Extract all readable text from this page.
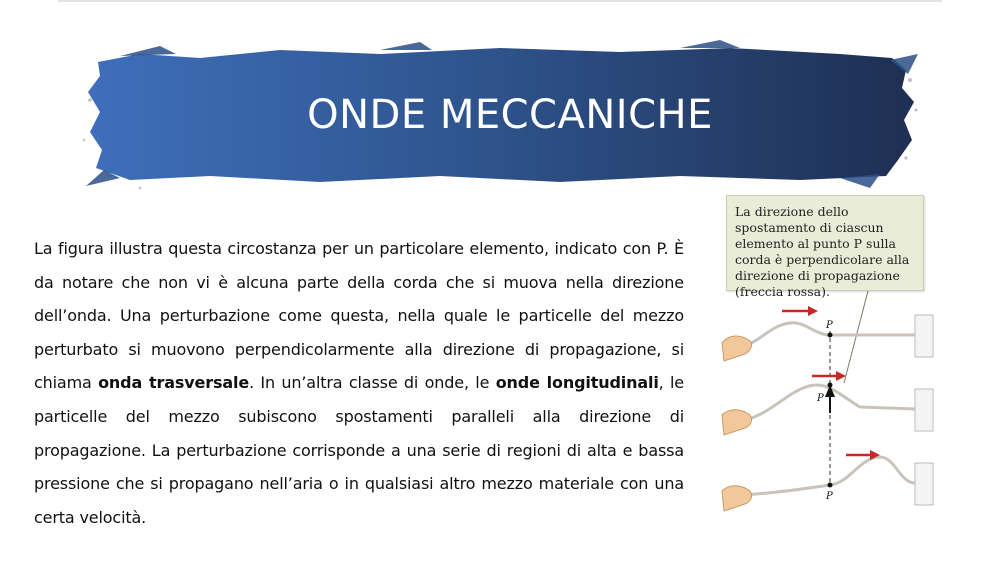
ONDE MECCANICHE
La figura illustra questa circostanza per un particolare elemento, indicato con P. È da notare che non vi è alcuna parte della corda che si muova nella direzione dell’onda. Una perturbazione come questa, nella quale le particelle del mezzo perturbato si muovono perpendicolarmente alla direzione di propagazione, si chiama onda trasversale. In un’altra classe di onde, le onde longitudinali, le particelle del mezzo subiscono spostamenti paralleli alla direzione di propagazione. La perturbazione corrisponde a una serie di regioni di alta e bassa pressione che si propagano nell’aria o in qualsiasi altro mezzo materiale con una certa velocità.
P
P
P
La direzione dello spostamento di ciascun elemento al punto P sulla corda è perpendicolare alla direzione di propagazione (freccia rossa).
